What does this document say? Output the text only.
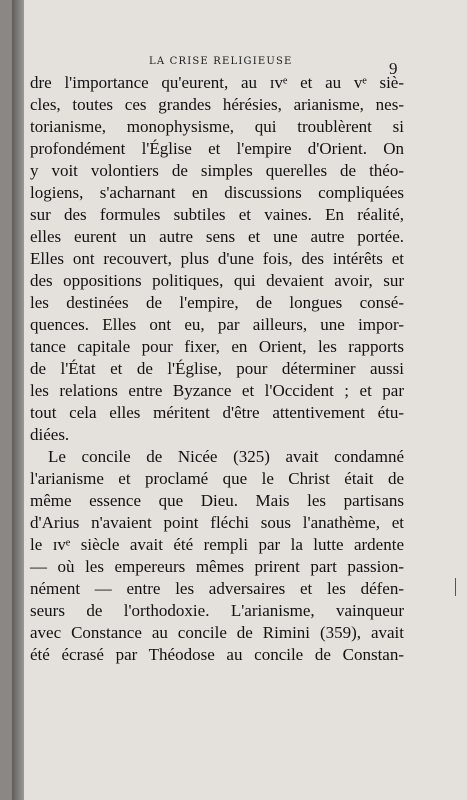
LA CRISE RELIGIEUSE	9
dre l'importance qu'eurent, au ɪvᵉ et au vᵉ siè-
cles, toutes ces grandes hérésies, arianisme, nes-
torianisme, monophysisme, qui troublèrent si
profondément l'Église et l'empire d'Orient. On
y voit volontiers de simples querelles de théo-
logiens, s'acharnant en discussions compliquées
sur des formules subtiles et vaines. En réalité,
elles eurent un autre sens et une autre portée.
Elles ont recouvert, plus d'une fois, des intérêts et
des oppositions politiques, qui devaient avoir, sur
les destinées de l'empire, de longues consé-
quences. Elles ont eu, par ailleurs, une impor-
tance capitale pour fixer, en Orient, les rapports
de l'État et de l'Église, pour déterminer aussi
les relations entre Byzance et l'Occident ; et par
tout cela elles méritent d'être attentivement étu-
diées.
Le concile de Nicée (325) avait condamné
l'arianisme et proclamé que le Christ était de
même essence que Dieu. Mais les partisans
d'Arius n'avaient point fléchi sous l'anathème, et
le ɪvᵉ siècle avait été rempli par la lutte ardente
— où les empereurs mêmes prirent part passion-
nément — entre les adversaires et les défen-
seurs de l'orthodoxie. L'arianisme, vainqueur
avec Constance au concile de Rimini (359), avait
été écrasé par Théodose au concile de Constan-
